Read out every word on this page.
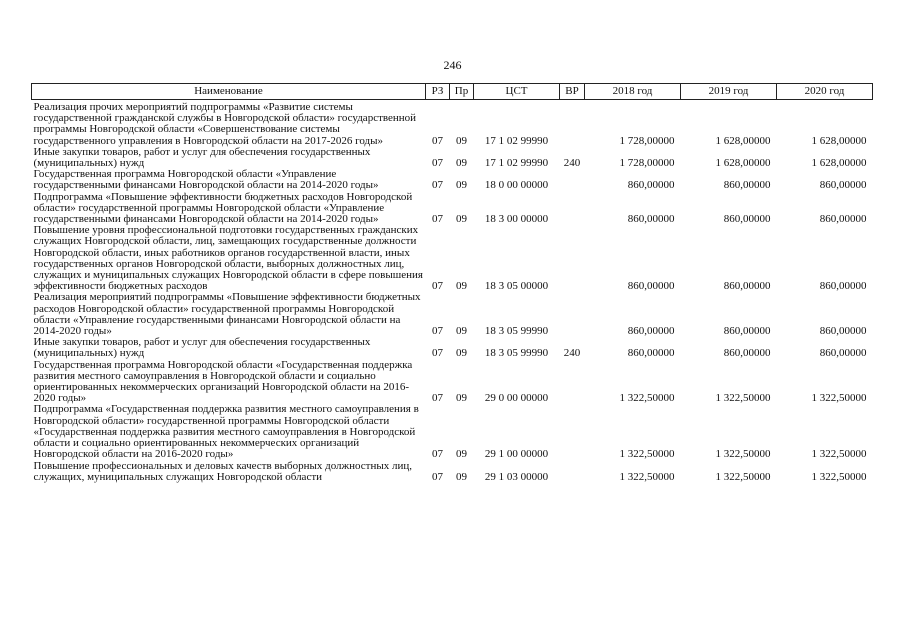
246
Наименование	РЗ	Пр	ЦСТ	ВР	2018 год	2019 год	2020 год
Реализация прочих мероприятий подпрограммы «Развитие системы государственной гражданской службы в Новгородской области» государственной программы Новгородской области «Совершенствование системы государственного управления в Новгородской области на 2017-2026 годы»	07	09	17 1 02 99990		1 728,00000	1 628,00000	1 628,00000
Иные закупки товаров, работ и услуг для обеспечения государственных (муниципальных) нужд	07	09	17 1 02 99990	240	1 728,00000	1 628,00000	1 628,00000
Государственная программа Новгородской области «Управление государственными финансами Новгородской области на 2014-2020 годы»	07	09	18 0 00 00000		860,00000	860,00000	860,00000
Подпрограмма «Повышение эффективности бюджетных расходов Новгородской области» государственной программы Новгородской области «Управление государственными финансами Новгородской области на 2014-2020 годы»	07	09	18 3 00 00000		860,00000	860,00000	860,00000
Повышение уровня профессиональной подготовки государственных гражданских служащих Новгородской области, лиц, замещающих государственные должности Новгородской области, иных работников органов государственной власти, иных государственных органов Новгородской области, выборных должностных лиц, служащих и муниципальных служащих Новгородской области в сфере повышения эффективности бюджетных расходов	07	09	18 3 05 00000		860,00000	860,00000	860,00000
Реализация мероприятий подпрограммы «Повышение эффективности бюджетных расходов Новгородской области» государственной программы Новгородской области «Управление государственными финансами Новгородской области на 2014-2020 годы»	07	09	18 3 05 99990		860,00000	860,00000	860,00000
Иные закупки товаров, работ и услуг для обеспечения государственных (муниципальных) нужд	07	09	18 3 05 99990	240	860,00000	860,00000	860,00000
Государственная программа Новгородской области «Государственная поддержка развития местного самоуправления в Новгородской области и социально ориентированных некоммерческих организаций Новгородской области на 2016-2020 годы»	07	09	29 0 00 00000		1 322,50000	1 322,50000	1 322,50000
Подпрограмма «Государственная поддержка развития местного самоуправления в Новгородской области» государственной программы Новгородской области «Государственная поддержка развития местного самоуправления в Новгородской области и социально ориентированных некоммерческих организаций Новгородской области на 2016-2020 годы»	07	09	29 1 00 00000		1 322,50000	1 322,50000	1 322,50000
Повышение профессиональных и деловых качеств выборных должностных лиц, служащих, муниципальных служащих Новгородской области	07	09	29 1 03 00000		1 322,50000	1 322,50000	1 322,50000
